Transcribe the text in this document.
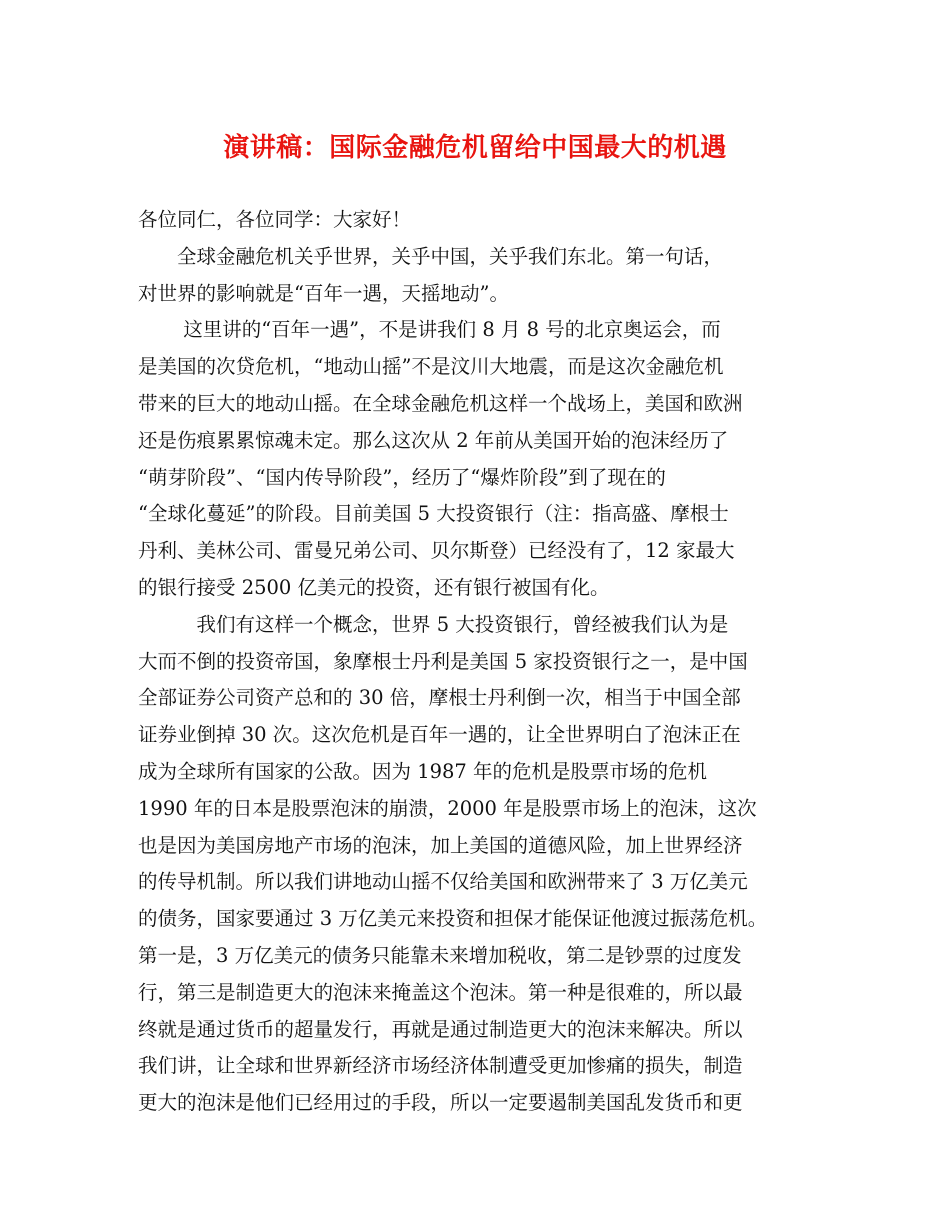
演讲稿：国际金融危机留给中国最大的机遇
各位同仁，各位同学：大家好！
　　全球金融危机关乎世界，关乎中国，关乎我们东北。第一句话，
对世界的影响就是“百年一遇，天摇地动”。
　　 这里讲的“百年一遇”，不是讲我们 8 月 8 号的北京奥运会，而
是美国的次贷危机，“地动山摇”不是汶川大地震，而是这次金融危机
带来的巨大的地动山摇。在全球金融危机这样一个战场上，美国和欧洲
还是伤痕累累惊魂未定。那么这次从 2 年前从美国开始的泡沫经历了
“萌芽阶段”、“国内传导阶段”，经历了“爆炸阶段”到了现在的
“全球化蔓延”的阶段。目前美国 5 大投资银行（注：指高盛、摩根士
丹利、美林公司、雷曼兄弟公司、贝尔斯登）已经没有了，12 家最大
的银行接受 2500 亿美元的投资，还有银行被国有化。
　　　我们有这样一个概念，世界 5 大投资银行，曾经被我们认为是
大而不倒的投资帝国，象摩根士丹利是美国 5 家投资银行之一，是中国
全部证券公司资产总和的 30 倍，摩根士丹利倒一次，相当于中国全部
证券业倒掉 30 次。这次危机是百年一遇的，让全世界明白了泡沫正在
成为全球所有国家的公敌。因为 1987 年的危机是股票市场的危机
1990 年的日本是股票泡沫的崩溃，2000 年是股票市场上的泡沫，这次
也是因为美国房地产市场的泡沫，加上美国的道德风险，加上世界经济
的传导机制。所以我们讲地动山摇不仅给美国和欧洲带来了 3 万亿美元
的债务，国家要通过 3 万亿美元来投资和担保才能保证他渡过振荡危机。
第一是，3 万亿美元的债务只能靠未来增加税收，第二是钞票的过度发
行，第三是制造更大的泡沫来掩盖这个泡沫。第一种是很难的，所以最
终就是通过货币的超量发行，再就是通过制造更大的泡沫来解决。所以
我们讲，让全球和世界新经济市场经济体制遭受更加惨痛的损失，制造
更大的泡沫是他们已经用过的手段，所以一定要遏制美国乱发货币和更
